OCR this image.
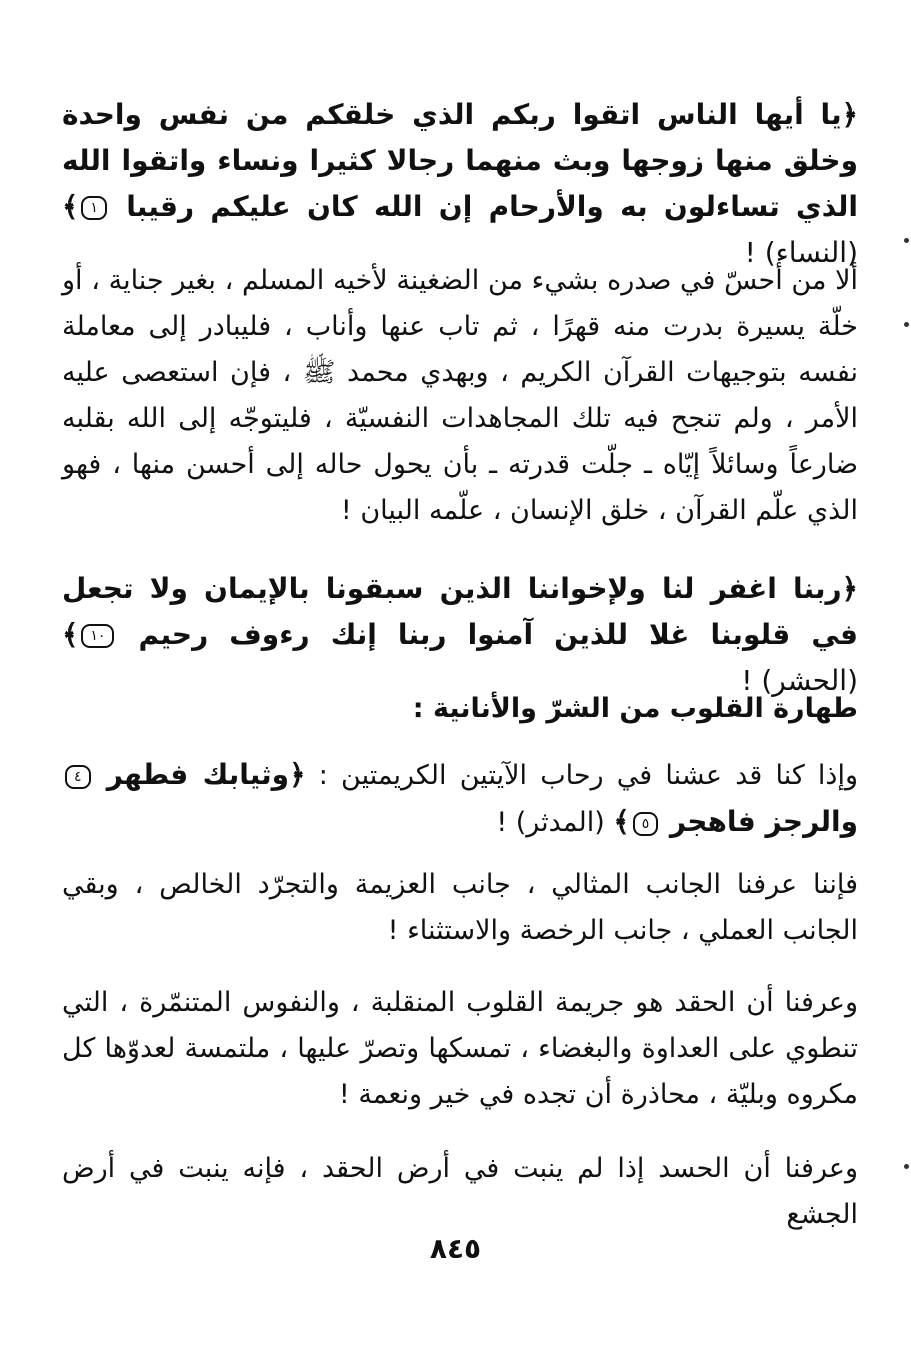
﴿يا أيها الناس اتقوا ربكم الذي خلقكم من نفس واحدة وخلق منها زوجها وبث منهما رجالا كثيرا ونساء واتقوا الله الذي تساءلون به والأرحام إن الله كان عليكم رقيبا ١﴾ (النساء) !
ألا من أحسّ في صدره بشيء من الضغينة لأخيه المسلم ، بغير جناية ، أو خلّة يسيرة بدرت منه قهرًا ، ثم تاب عنها وأناب ، فليبادر إلى معاملة نفسه بتوجيهات القرآن الكريم ، وبهدي محمد ﷺ ، فإن استعصى عليه الأمر ، ولم تنجح فيه تلك المجاهدات النفسيّة ، فليتوجّه إلى الله بقلبه ضارعاً وسائلاً إيّاه ـ جلّت قدرته ـ بأن يحول حاله إلى أحسن منها ، فهو الذي علّم القرآن ، خلق الإنسان ، علّمه البيان !
﴿ربنا اغفر لنا ولإخواننا الذين سبقونا بالإيمان ولا تجعل في قلوبنا غلا للذين آمنوا ربنا إنك رءوف رحيم ١٠﴾ (الحشر) !
طهارة القلوب من الشرّ والأنانية :
وإذا كنا قد عشنا في رحاب الآيتين الكريمتين : ﴿وثيابك فطهر ٤ والرجز فاهجر ٥﴾ (المدثر) !
فإننا عرفنا الجانب المثالي ، جانب العزيمة والتجرّد الخالص ، وبقي الجانب العملي ، جانب الرخصة والاستثناء !
وعرفنا أن الحقد هو جريمة القلوب المنقلبة ، والنفوس المتنمّرة ، التي تنطوي على العداوة والبغضاء ، تمسكها وتصرّ عليها ، ملتمسة لعدوّها كل مكروه وبليّة ، محاذرة أن تجده في خير ونعمة !
وعرفنا أن الحسد إذا لم ينبت في أرض الحقد ، فإنه ينبت في أرض الجشع
٨٤٥
